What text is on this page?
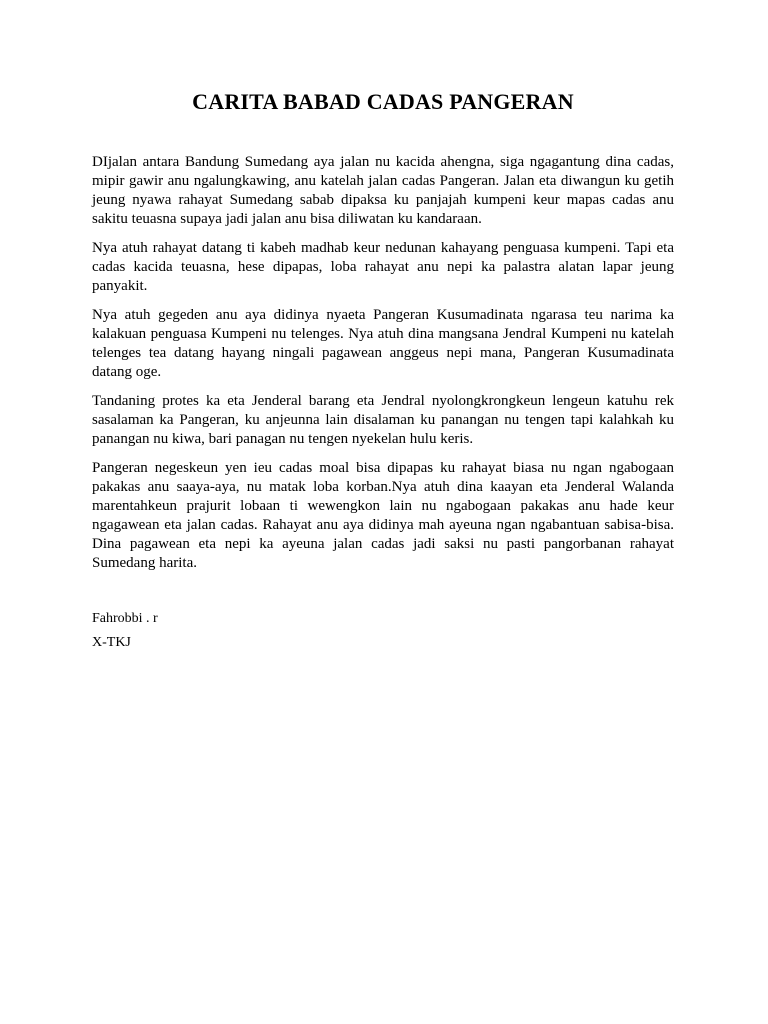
CARITA BABAD CADAS PANGERAN

DIjalan antara Bandung Sumedang aya jalan nu kacida ahengna, siga ngagantung dina cadas, mipir gawir anu ngalungkawing, anu katelah jalan cadas Pangeran. Jalan eta diwangun ku getih jeung nyawa rahayat Sumedang sabab dipaksa ku panjajah kumpeni keur mapas cadas anu sakitu teuasna supaya jadi jalan anu bisa diliwatan ku kandaraan.

Nya atuh rahayat datang ti kabeh madhab keur nedunan kahayang penguasa kumpeni. Tapi eta cadas kacida teuasna, hese dipapas, loba rahayat anu nepi ka palastra alatan lapar jeung panyakit.

Nya atuh gegeden anu aya didinya nyaeta Pangeran Kusumadinata ngarasa teu narima ka kalakuan penguasa Kumpeni nu telenges. Nya atuh dina mangsana Jendral Kumpeni nu katelah telenges tea datang hayang ningali pagawean anggeus nepi mana, Pangeran Kusumadinata datang oge.

Tandaning protes ka eta Jenderal barang eta Jendral nyolongkrongkeun lengeun katuhu rek sasalaman ka Pangeran, ku anjeunna lain disalaman ku panangan nu tengen tapi kalahkah ku panangan nu kiwa, bari panagan nu tengen nyekelan hulu keris.

Pangeran negeskeun yen ieu cadas moal bisa dipapas ku rahayat biasa nu ngan ngabogaan pakakas anu saaya-aya, nu matak loba korban.Nya atuh dina kaayan eta Jenderal Walanda marentahkeun prajurit lobaan ti wewengkon lain nu ngabogaan pakakas anu hade keur ngagawean eta jalan cadas. Rahayat anu aya didinya mah ayeuna ngan ngabantuan sabisa-bisa. Dina pagawean eta nepi ka ayeuna jalan cadas jadi saksi nu pasti pangorbanan rahayat Sumedang harita.

Fahrobbi . r

X-TKJ
